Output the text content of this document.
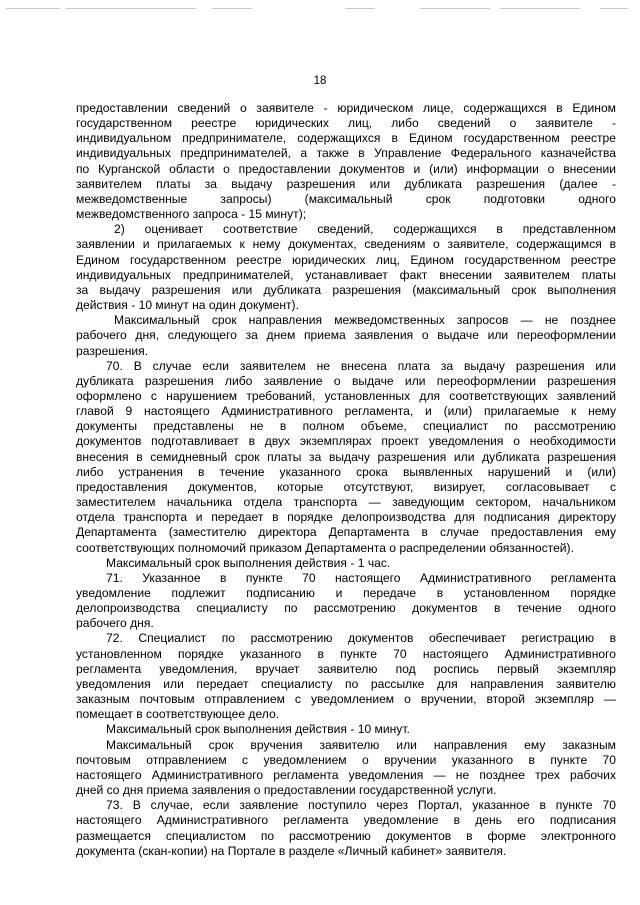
18
предоставлении сведений о заявителе - юридическом лице, содержащихся в Едином
государственном реестре юридических лиц, либо сведений о заявителе -
индивидуальном предпринимателе, содержащихся в Едином государственном реестре
индивидуальных предпринимателей, а также в Управление Федерального казначейства
по Курганской области о предоставлении документов и (или) информации о внесении
заявителем платы за выдачу разрешения или дубликата разрешения (далее -
межведомственные запросы) (максимальный срок подготовки одного
межведомственного запроса - 15 минут);
2) оценивает соответствие сведений, содержащихся в представленном
заявлении и прилагаемых к нему документах, сведениям о заявителе, содержащимся в
Едином государственном реестре юридических лиц, Едином государственном реестре
индивидуальных предпринимателей, устанавливает факт внесении заявителем платы
за выдачу разрешения или дубликата разрешения (максимальный срок выполнения
действия - 10 минут на один документ).
Максимальный срок направления межведомственных запросов — не позднее
рабочего дня, следующего за днем приема заявления о выдаче или переоформлении
разрешения.
70. В случае если заявителем не внесена плата за выдачу разрешения или
дубликата разрешения либо заявление о выдаче или переоформлении разрешения
оформлено с нарушением требований, установленных для соответствующих заявлений
главой 9 настоящего Административного регламента, и (или) прилагаемые к нему
документы представлены не в полном объеме, специалист по рассмотрению
документов подготавливает в двух экземплярах проект уведомления о необходимости
внесения в семидневный срок платы за выдачу разрешения или дубликата разрешения
либо устранения в течение указанного срока выявленных нарушений и (или)
предоставления документов, которые отсутствуют, визирует, согласовывает с
заместителем начальника отдела транспорта — заведующим сектором, начальником
отдела транспорта и передает в порядке делопроизводства для подписания директору
Департамента (заместителю директора Департамента в случае предоставления ему
соответствующих полномочий приказом Департамента о распределении обязанностей).
Максимальный срок выполнения действия - 1 час.
71. Указанное в пункте 70 настоящего Административного регламента
уведомление подлежит подписанию и передаче в установленном порядке
делопроизводства специалисту по рассмотрению документов в течение одного
рабочего дня.
72. Специалист по рассмотрению документов обеспечивает регистрацию в
установленном порядке указанного в пункте 70 настоящего Административного
регламента уведомления, вручает заявителю под роспись первый экземпляр
уведомления или передает специалисту по рассылке для направления заявителю
заказным почтовым отправлением с уведомлением о вручении, второй экземпляр —
помещает в соответствующее дело.
Максимальный срок выполнения действия - 10 минут.
Максимальный срок вручения заявителю или направления ему заказным
почтовым отправлением с уведомлением о вручении указанного в пункте 70
настоящего Административного регламента уведомления — не позднее трех рабочих
дней со дня приема заявления о предоставлении государственной услуги.
73. В случае, если заявление поступило через Портал, указанное в пункте 70
настоящего Административного регламента уведомление в день его подписания
размещается специалистом по рассмотрению документов в форме электронного
документа (скан-копии) на Портале в разделе «Личный кабинет» заявителя.
